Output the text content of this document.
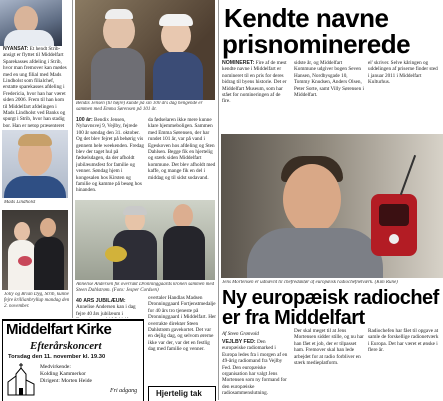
NYANSAT: Et hendt Strib-ansigt er flyttet til Middelfart Sparekasses afdeling i Strib, hvor man fremover kan mødes med en ung filial med Mads Lindholst som filialchef, erstatte sparekasses afdeling i Fredericia, hvor han har været siden 2006. Frem til han kom til Middelfart afdelingen i Mads Lindholst ved Banks og spurgt i Strib, hvor han stadig bor. Han er netop præsenteret
Mads Lindholst
Jolly og Brian Dyg, Strib, kunne fejre krillianbryllup mandag den 2. november.
Bendix Jensen (til højre) kunde på sin 100 års dag hengende er sammen med Emma Sørensen på 101 år.
100 år: Bendix Jensen, Nyhavnsvej 9, Vejlby, fejrede 100 år søndag den 31. oktober. Og det blev fejret på behørig vis gennem hele weekenden. Fredag blev der taget hul på fødselsdagen, da der afholdt jubilæumsfest for familie og venner. Søndag hjem i kongesalen hos Kirsten og familie og kamme på besøg hos hinanden.
da fødselaren ikke mere kunne klare hjemmeboligen. Sammen med Emma Sørensen, der har rundet 101 år, var på vand i Egeskoven hos afdeling og Sten Dahlsen. Begge fik en hjertelig og stærk siden Middelfart kommune. Det blev afholdt med kaffe, og mange fik en del i middag og til sidst sodavand.
Annelise Andersen fik overrakt Dronninggaards kronen sammen med Steen Dahlstrøm. (Foto: Jesper Cordsen)
40 ÅRS JUBILÆUM: Annelise Andersen kan i dag fejre 40 års jubilæum i
overtaler Handlas Madsen Dronninggaard Fortjenstmedalje for 40 års tro tjeneste på Dronninggaard i Middelfart. Her overrakte direktør Steen Dahlstrøm gavekortet. Det var en dejlig dag, og selvom ørerne ikke var der, var det en festlig dag med familie og venner.
Middelfart Kirke
Efterårskoncert
Torsdag den 11. november kl. 19.30
Medvirkende:
Kolding Kammerkor
Dirigent: Morten Heide
Fri adgang Hjertelig tak
Kendte navne
prisnominerede
NOMINERET: Fire af de mest kendte navne i Middelfart er nomineret til en pris for deres bidrag til byens historie. Det er Middelfart Museum, som har stået for nomineringen af de fire.
sidste år, og Middelfart Kommune udgiver bogen Seven Hansen, Nordbysgade 10, Tommy Knudsen, Anders Olsen, Peter Sorte, samt Villy Sørensen i Middelfart.
el' skriver. Selve kåringen og uddelingen af priserne finder sted i januar 2011 i Middelfart Kulturhus.
Jens Mortensen er udnævnt til chefredaktør af europæisk radiochefnetværk. (Kim Rune)
Ny europæisk radiochef
er fra Middelfart
Af Steen Grønvold
VEJLBY FED: Den europæiske radiomarked i Europa ledes fra i morgen af en 49-årig radiomand fra Vejlby Fed. Den europæiske organisation har valgt Jens Mortensen som ny formand for den europæiske radiosammenslutning.
Der skal meget til at Jens Mortensen sidder stille, og nu har han fået et job, der er tilpasset ham. Fremover skal han lede arbejdet for at radio forbliver en stærk medieplatform.
Radiochefen har fået til opgave at samle de forskellige radionetværk i Europa. Det har været et ønske i flere år.
